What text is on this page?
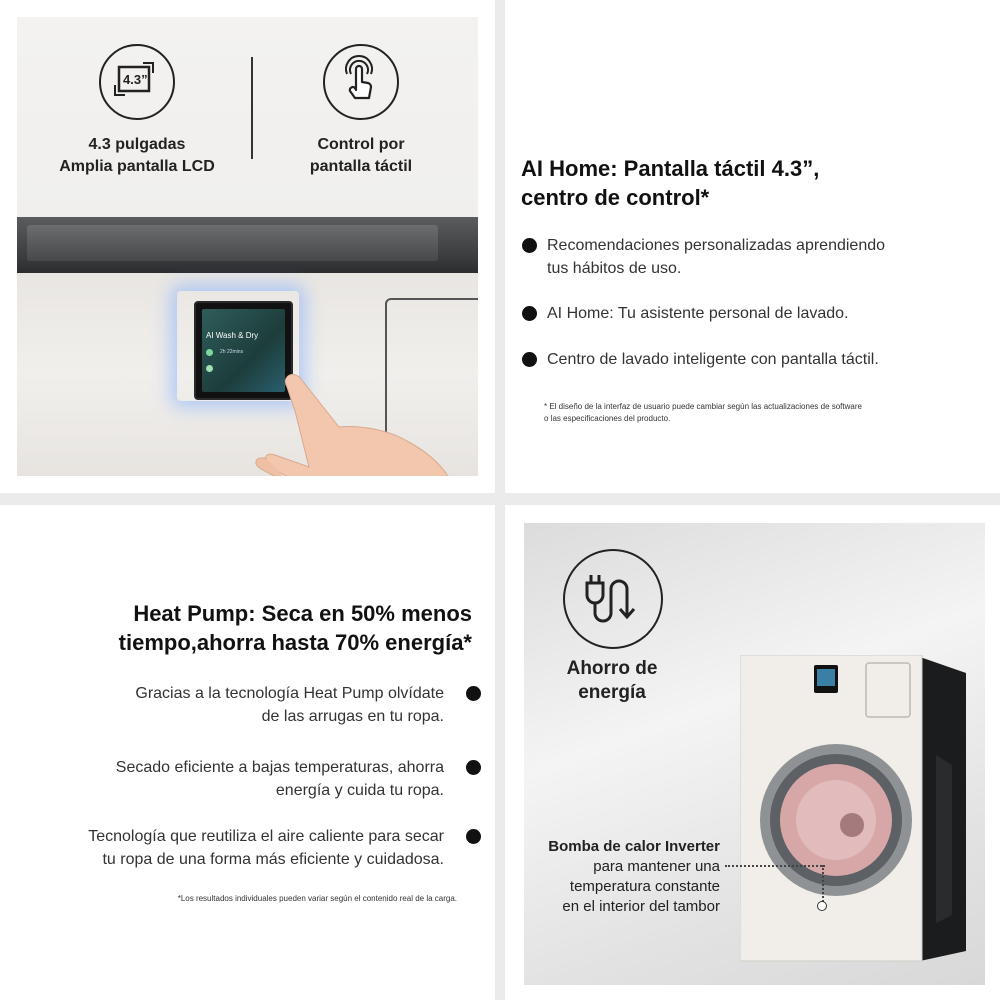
4.3”
4.3 pulgadas
Amplia pantalla LCD
Control por
pantalla táctil
AI Wash & Dry
2h 22mins
AI Home: Pantalla táctil 4.3”,
centro de control*
Recomendaciones personalizadas aprendiendo
tus hábitos de uso.
AI Home: Tu asistente personal de lavado.
Centro de lavado inteligente con pantalla táctil.
* El diseño de la interfaz de usuario puede cambiar según las actualizaciones de software
o las especificaciones del producto.
Heat Pump: Seca en 50% menos
tiempo,ahorra hasta 70% energía*
Gracias a la tecnología Heat Pump olvídate
de las arrugas en tu ropa.
Secado eficiente a bajas temperaturas, ahorra
energía y cuida tu ropa.
Tecnología que reutiliza el aire caliente para secar
tu ropa de una forma más eficiente y cuidadosa.
*Los resultados individuales pueden variar según el contenido real de la carga.
Ahorro de
energía
Bomba de calor Inverter
para mantener una
temperatura constante
en el interior del tambor
